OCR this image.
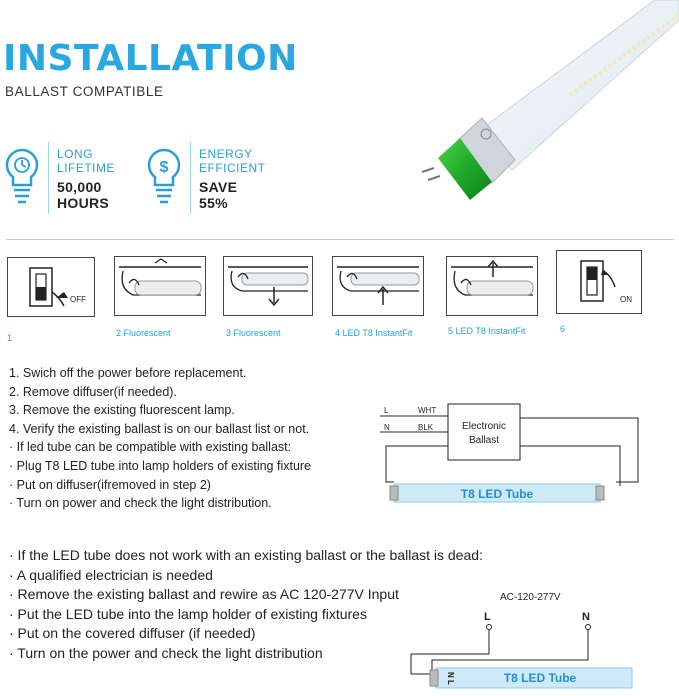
INSTALLATION
BALLAST COMPATIBLE
LONG
LIFETIME
50,000
HOURS
$
ENERGY
EFFICIENT
SAVE
55%
OFF
1	2 Fluorescent	3 Fluorescent	4 LED T8 InstantFit	5 LED T8 InstantFit
ON
6
1. Swich off the power before replacement.
2. Remove diffuser(if needed).
3. Remove the existing fluorescent lamp.
4. Verify the existing ballast is on our ballast list or not.
· If led tube can be compatible with existing ballast:
· Plug T8 LED tube into lamp holders of existing fixture
· Put on diffuser(ifremoved in step 2)
· Turn on power and check the light distribution.
L
N
WHT
BLK	Electronic
Ballast
T8 LED Tube
· If the LED tube does not work with an existing ballast or the ballast is dead:
· A qualified electrician is needed
· Remove the existing ballast and rewire as AC 120-277V Input
· Put the LED tube into the lamp holder of existing fixtures
· Put on the covered diffuser (if needed)
· Turn on the power and check the light distribution
AC-120-277V
L	N
L
N	T8 LED Tube
